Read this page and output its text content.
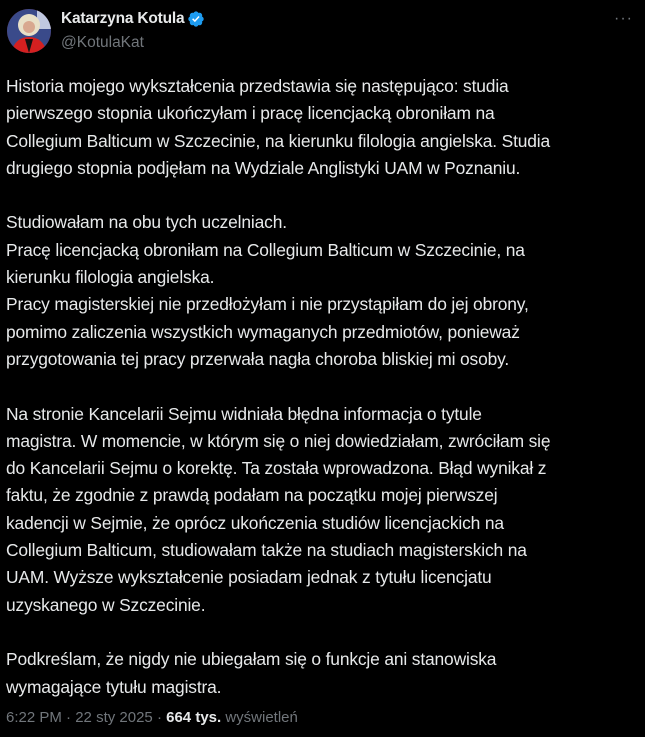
Katarzyna Kotula
@KotulaKat
···

Historia mojego wykształcenia przedstawia się następująco: studia
pierwszego stopnia ukończyłam i pracę licencjacką obroniłam na
Collegium Balticum w Szczecinie, na kierunku filologia angielska. Studia
drugiego stopnia podjęłam na Wydziale Anglistyki UAM w Poznaniu.

Studiowałam na obu tych uczelniach.
Pracę licencjacką obroniłam na Collegium Balticum w Szczecinie, na
kierunku filologia angielska.
Pracy magisterskiej nie przedłożyłam i nie przystąpiłam do jej obrony,
pomimo zaliczenia wszystkich wymaganych przedmiotów, ponieważ
przygotowania tej pracy przerwała nagła choroba bliskiej mi osoby.

Na stronie Kancelarii Sejmu widniała błędna informacja o tytule
magistra. W momencie, w którym się o niej dowiedziałam, zwróciłam się
do Kancelarii Sejmu o korektę. Ta została wprowadzona. Błąd wynikał z
faktu, że zgodnie z prawdą podałam na początku mojej pierwszej
kadencji w Sejmie, że oprócz ukończenia studiów licencjackich na
Collegium Balticum, studiowałam także na studiach magisterskich na
UAM. Wyższe wykształcenie posiadam jednak z tytułu licencjatu
uzyskanego w Szczecinie.

Podkreślam, że nigdy nie ubiegałam się o funkcje ani stanowiska
wymagające tytułu magistra.

6:22 PM · 22 sty 2025 · 664 tys. wyświetleń
